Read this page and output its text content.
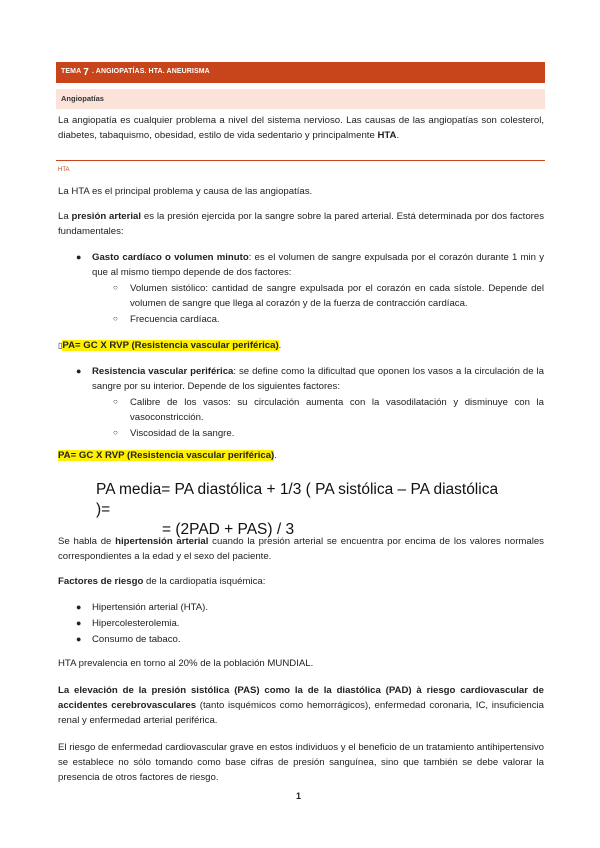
TEMA
7 . ANGIOPATÍAS. HTA. ANEURISMA
Angiopatías
La angiopatía es cualquier problema a nivel del sistema nervioso. Las causas de las angiopatías son colesterol, diabetes, tabaquismo, obesidad, estilo de vida sedentario y principalmente HTA.
HTA
La HTA es el principal problema y causa de las angiopatías.
La presión arterial es la presión ejercida por la sangre sobre la pared arterial. Está determinada por dos factores fundamentales:
● Gasto cardíaco o volumen minuto: es el volumen de sangre expulsada por el corazón durante 1 min y que al mismo tiempo depende de dos factores:
○ Volumen sistólico: cantidad de sangre expulsada por el corazón en cada sístole. Depende del volumen de sangre que llega al corazón y de la fuerza de contracción cardíaca.
○ Frecuencia cardíaca.
▯PA= GC X RVP (Resistencia vascular periférica).
● Resistencia vascular periférica: se define como la dificultad que oponen los vasos a la circulación de la sangre por su interior. Depende de los siguientes factores:
○ Calibre de los vasos: su circulación aumenta con la vasodilatación y disminuye con la vasoconstricción.
○ Viscosidad de la sangre.
PA= GC X RVP (Resistencia vascular periférica).
PA media= PA diastólica + 1/3 ( PA sistólica – PA diastólica )=
= (2PAD + PAS) / 3
Se habla de hipertensión arterial cuando la presión arterial se encuentra por encima de los valores normales correspondientes a la edad y el sexo del paciente.
Factores de riesgo de la cardiopatía isquémica:
● Hipertensión arterial (HTA).
● Hipercolesterolemia.
● Consumo de tabaco.
HTA prevalencia en torno al 20% de la población MUNDIAL.
La elevación de la presión sistólica (PAS) como la de la diastólica (PAD) à riesgo cardiovascular de accidentes cerebrovasculares (tanto isquémicos como hemorrágicos), enfermedad coronaria, IC, insuficiencia renal y enfermedad arterial periférica.
El riesgo de enfermedad cardiovascular grave en estos individuos y el beneficio de un tratamiento antihipertensivo se establece no sólo tomando como base cifras de presión sanguínea, sino que también se debe valorar la presencia de otros factores de riesgo.
1
